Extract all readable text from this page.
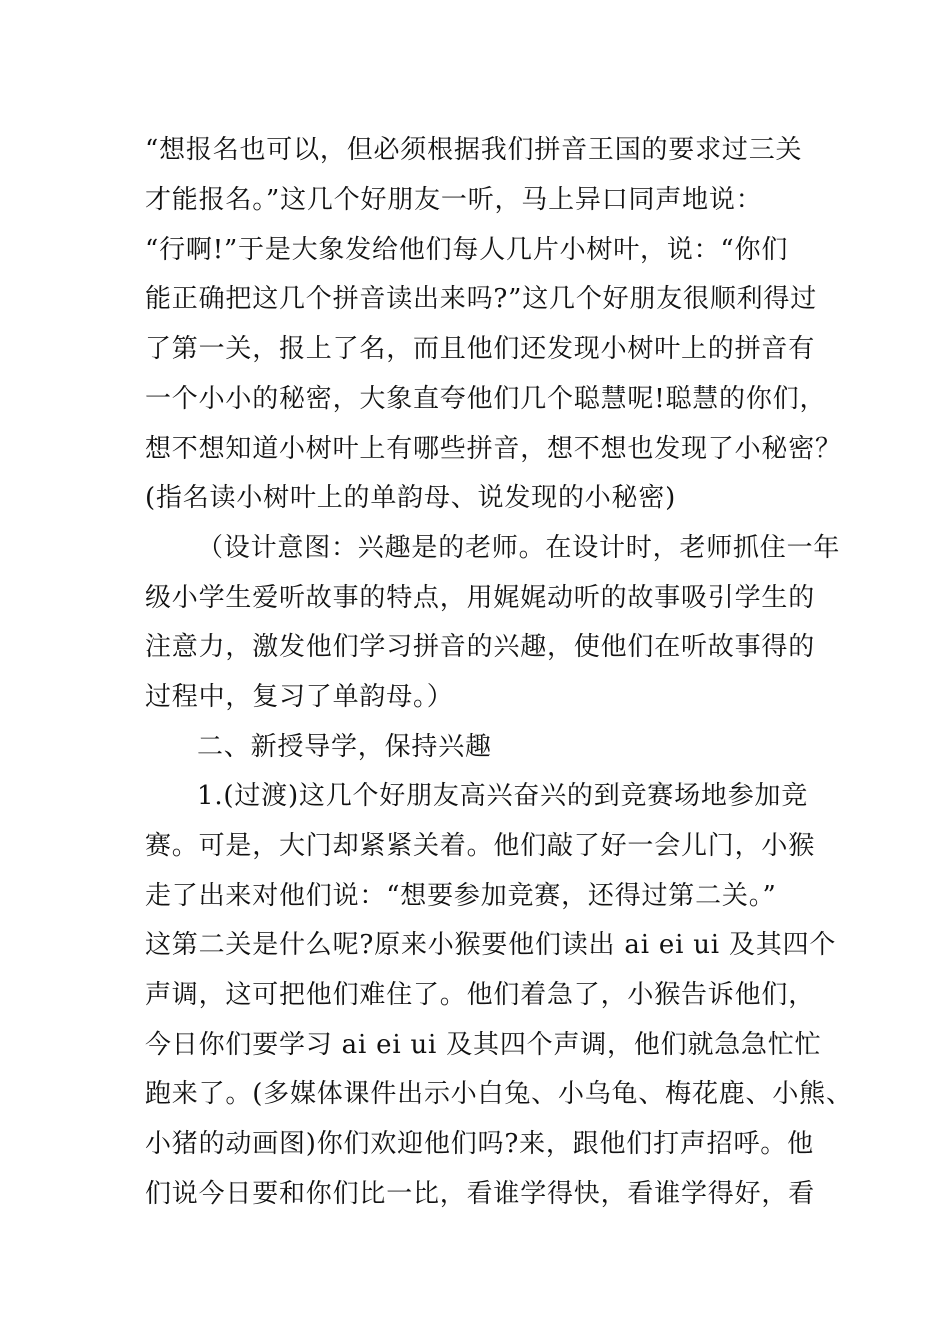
“想报名也可以，但必须根据我们拼音王国的要求过三关
才能报名。”这几个好朋友一听，马上异口同声地说：
“行啊!”于是大象发给他们每人几片小树叶，说：“你们
能正确把这几个拼音读出来吗?”这几个好朋友很顺利得过
了第一关，报上了名，而且他们还发现小树叶上的拼音有
一个小小的秘密，大象直夸他们几个聪慧呢!聪慧的你们，
想不想知道小树叶上有哪些拼音，想不想也发现了小秘密？
(指名读小树叶上的单韵母、说发现的小秘密)
（设计意图：兴趣是的老师。在设计时，老师抓住一年
级小学生爱听故事的特点，用娓娓动听的故事吸引学生的
注意力，激发他们学习拼音的兴趣，使他们在听故事得的
过程中，复习了单韵母。）
二、新授导学，保持兴趣
1.(过渡)这几个好朋友高兴奋兴的到竞赛场地参加竞
赛。可是，大门却紧紧关着。他们敲了好一会儿门，小猴
走了出来对他们说：“想要参加竞赛，还得过第二关。”
这第二关是什么呢?原来小猴要他们读出 ai ei ui 及其四个
声调，这可把他们难住了。他们着急了，小猴告诉他们，
今日你们要学习 ai ei ui 及其四个声调，他们就急急忙忙
跑来了。(多媒体课件出示小白兔、小乌龟、梅花鹿、小熊、
小猪的动画图)你们欢迎他们吗?来，跟他们打声招呼。他
们说今日要和你们比一比，看谁学得快，看谁学得好，看
